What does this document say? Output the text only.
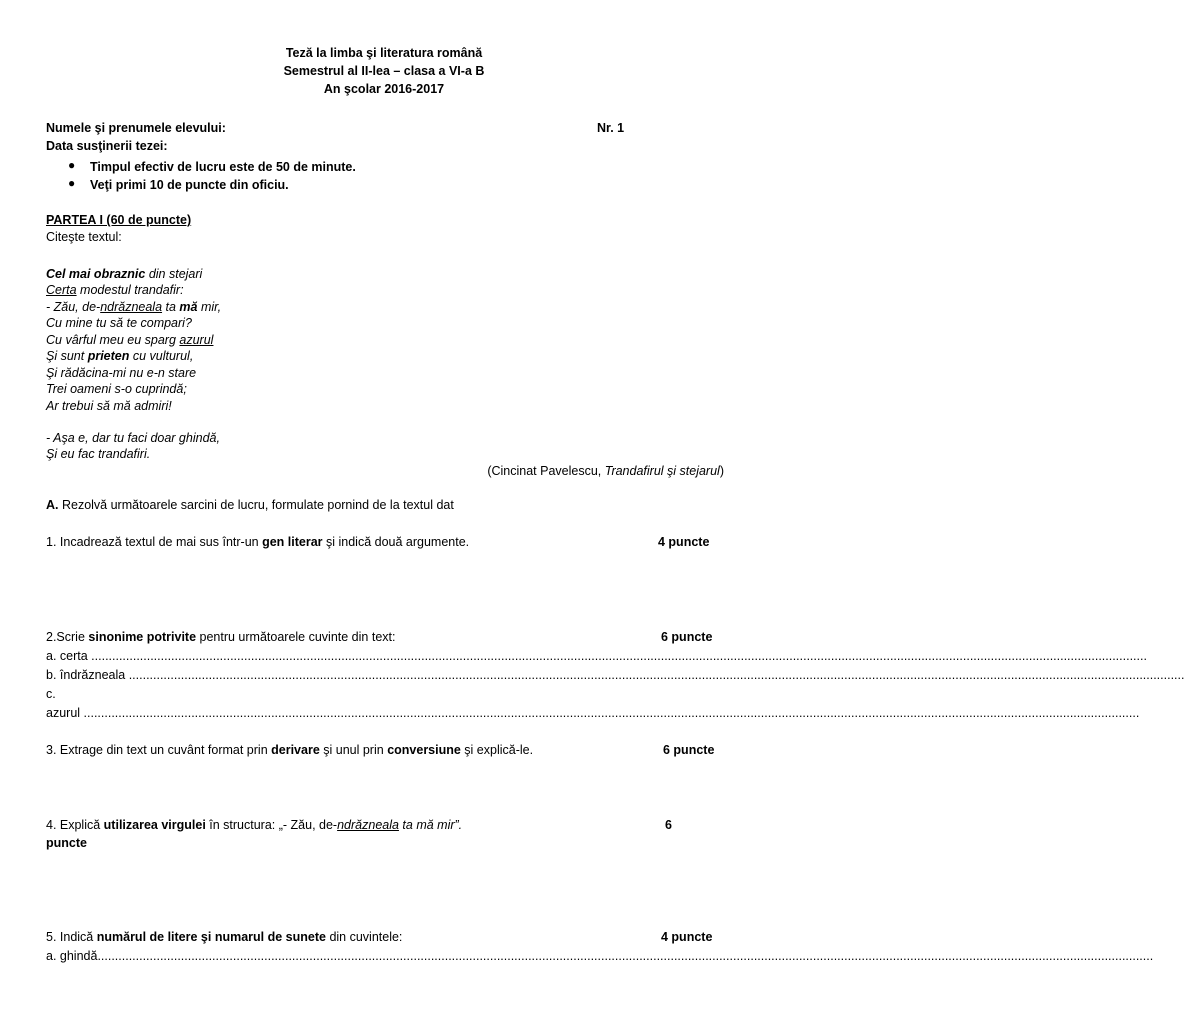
Teză la limba şi literatura română
Semestrul al II-lea – clasa a VI-a B
An şcolar 2016-2017
Numele şi prenumele elevului:	Nr. 1
Data susţinerii tezei:
● Timpul efectiv de lucru este de 50 de minute.
● Veţi primi 10 de puncte din oficiu.
PARTEA I (60 de puncte)
Citeşte textul:
Cel mai obraznic din stejari
Certa modestul trandafir:
- Zău, de-ndrăzneala ta mă mir,
Cu mine tu să te compari?
Cu vârful meu eu sparg azurul
Şi sunt prieten cu vulturul,
Şi rădăcina-mi nu e-n stare
Trei oameni s-o cuprindă;
Ar trebui să mă admiri!
- Aşa e, dar tu faci doar ghindă,
Şi eu fac trandafiri.
(Cincinat Pavelescu, Trandafirul şi stejarul)
A. Rezolvă următoarele sarcini de lucru, formulate pornind de la textul dat
1. Incadrează textul de mai sus într-un gen literar şi indică două argumente.	4 puncte
2.Scrie sinonime potrivite pentru următoarele cuvinte din text:	6 puncte
a. certa ................................................................................................................................................................................................................................................................................................................
b. îndrăzneala ................................................................................................................................................................................................................................................................................................................
c.
azurul ................................................................................................................................................................................................................................................................................................................
3. Extrage din text un cuvânt format prin derivare şi unul prin conversiune şi explică-le.	6 puncte
4. Explică utilizarea virgulei în structura: „- Zău, de-ndrăzneala ta mă mir”.	6
puncte
5. Indică numărul de litere şi numarul de sunete din cuvintele:	4 puncte
a. ghindă................................................................................................................................................................................................................................................................................................................
